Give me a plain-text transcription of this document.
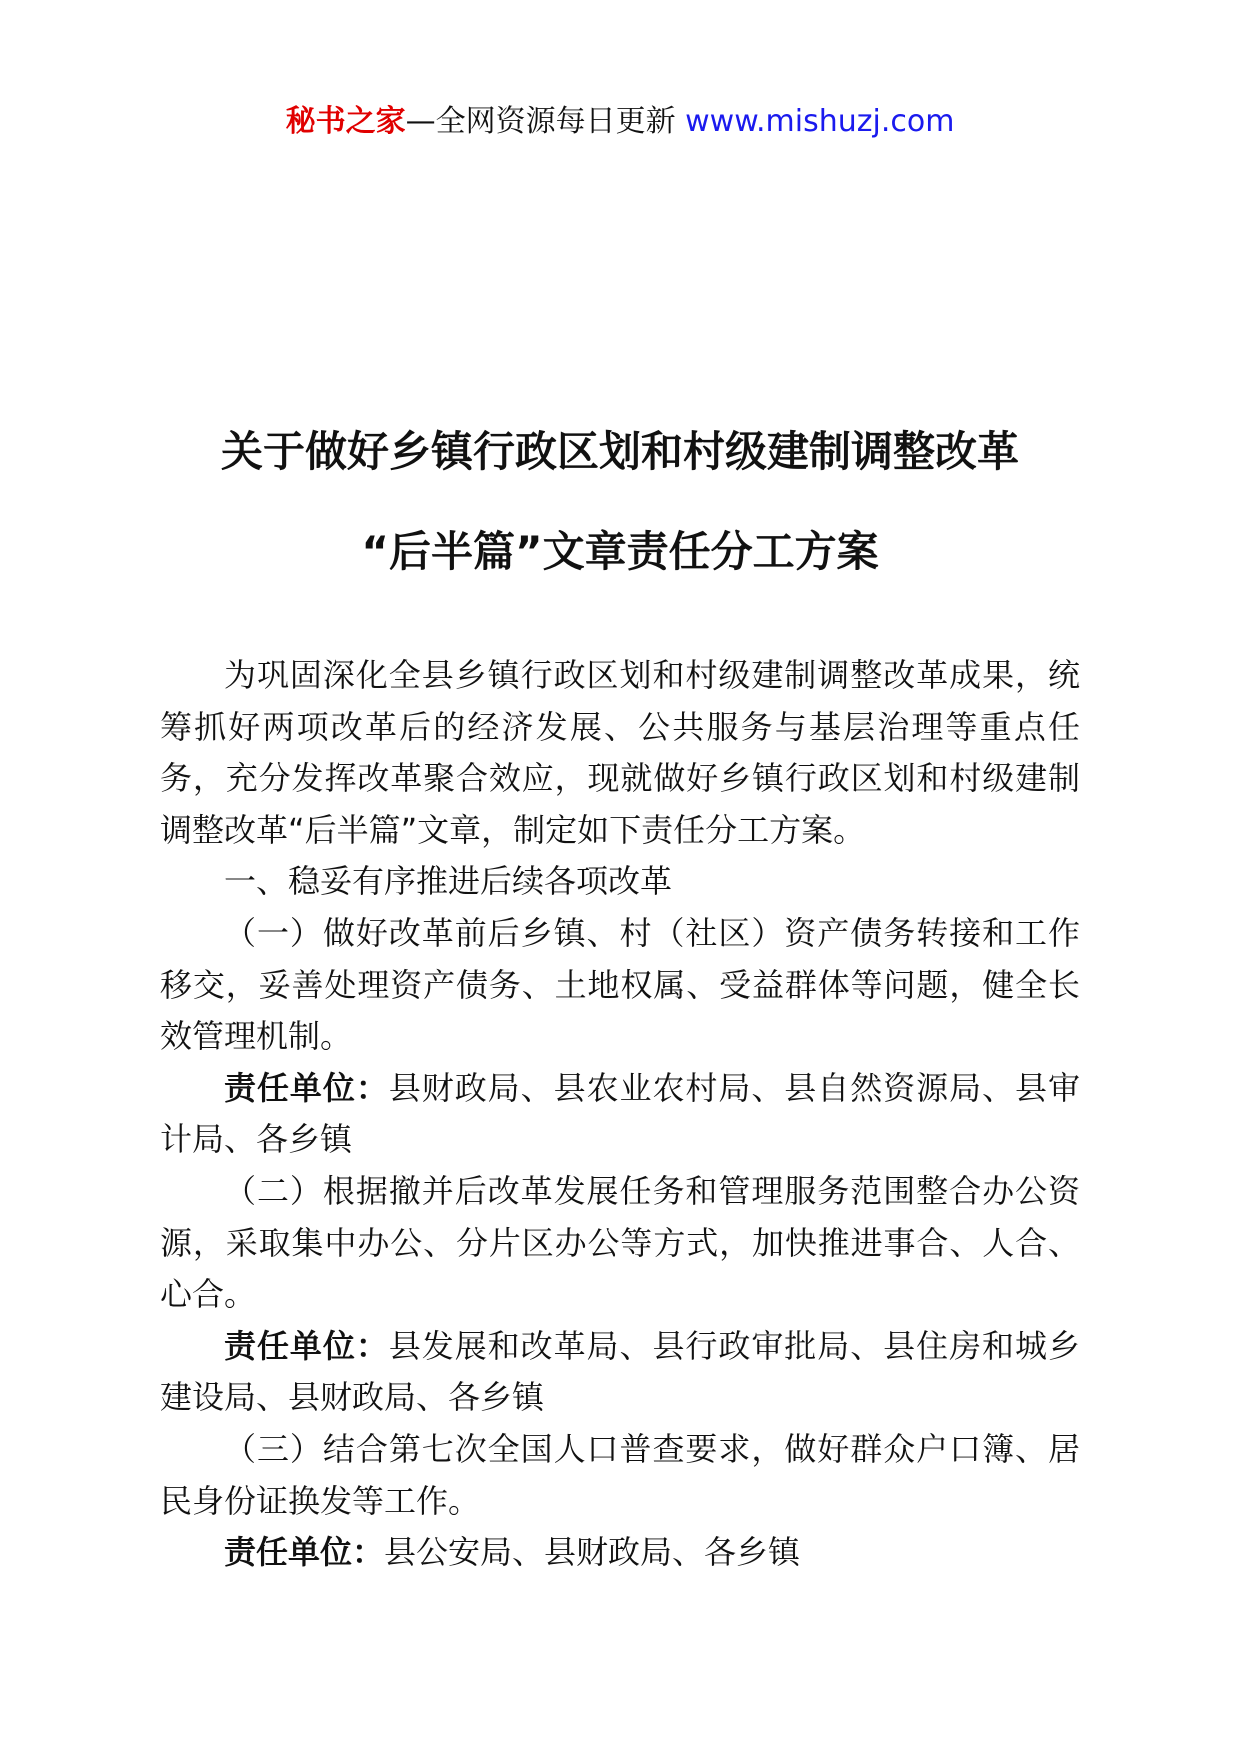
秘书之家—全网资源每日更新 www.mishuzj.com
关于做好乡镇行政区划和村级建制调整改革
“后半篇”文章责任分工方案

为巩固深化全县乡镇行政区划和村级建制调整改革成果，统筹抓好两项改革后的经济发展、公共服务与基层治理等重点任务，充分发挥改革聚合效应，现就做好乡镇行政区划和村级建制调整改革“后半篇”文章，制定如下责任分工方案。

一、稳妥有序推进后续各项改革

（一）做好改革前后乡镇、村（社区）资产债务转接和工作移交，妥善处理资产债务、土地权属、受益群体等问题，健全长效管理机制。

责任单位：县财政局、县农业农村局、县自然资源局、县审计局、各乡镇

（二）根据撤并后改革发展任务和管理服务范围整合办公资源，采取集中办公、分片区办公等方式，加快推进事合、人合、心合。

责任单位：县发展和改革局、县行政审批局、县住房和城乡建设局、县财政局、各乡镇

（三）结合第七次全国人口普查要求，做好群众户口簿、居民身份证换发等工作。

责任单位：县公安局、县财政局、各乡镇
